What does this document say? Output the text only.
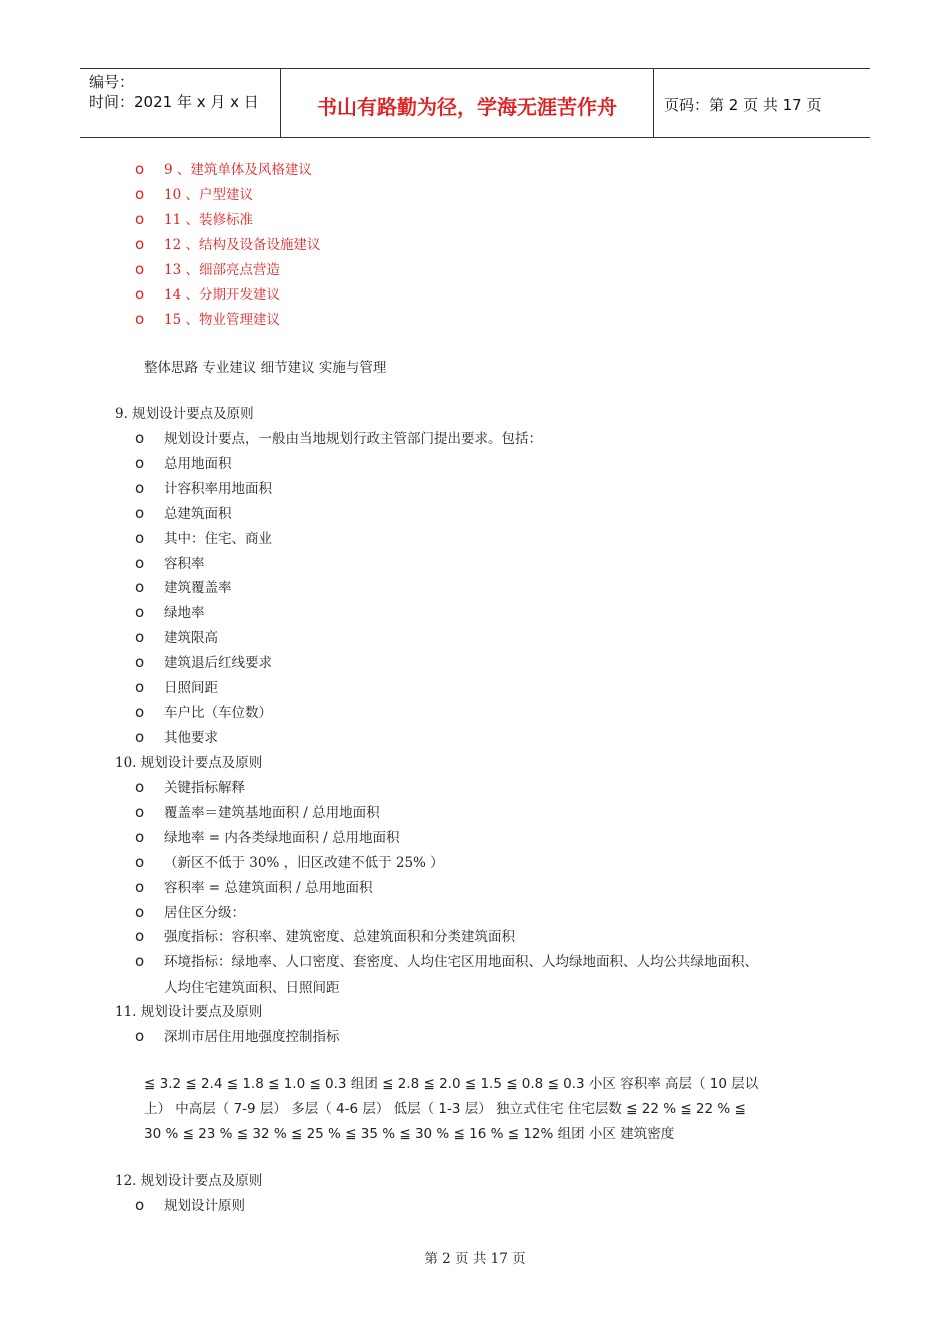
编号：
时间：2021 年 x 月 x 日	书山有路勤为径，学海无涯苦作舟	页码：第 2 页 共 17 页
o 9 、建筑单体及风格建议
o 10 、户型建议
o 11 、装修标准
o 12 、结构及设备设施建议
o 13 、细部亮点营造
o 14 、分期开发建议
o 15 、物业管理建议
整体思路 专业建议 细节建议 实施与管理
9. 规划设计要点及原则
o 规划设计要点，一般由当地规划行政主管部门提出要求。包括：
o 总用地面积
o 计容积率用地面积
o 总建筑面积
o 其中：住宅、商业
o 容积率
o 建筑覆盖率
o 绿地率
o 建筑限高
o 建筑退后红线要求
o 日照间距
o 车户比（车位数）
o 其他要求
10. 规划设计要点及原则
o 关键指标解释
o 覆盖率＝建筑基地面积 / 总用地面积
o 绿地率 = 内各类绿地面积 / 总用地面积
o （新区不低于 30% ，旧区改建不低于 25% ）
o 容积率 = 总建筑面积 / 总用地面积
o 居住区分级：
o 强度指标：容积率、建筑密度、总建筑面积和分类建筑面积
o 环境指标：绿地率、人口密度、套密度、人均住宅区用地面积、人均绿地面积、人均公共绿地面积、
人均住宅建筑面积、日照间距
11. 规划设计要点及原则
o 深圳市居住用地强度控制指标
≦ 3.2 ≦ 2.4 ≦ 1.8 ≦ 1.0 ≦ 0.3 组团 ≦ 2.8 ≦ 2.0 ≦ 1.5 ≦ 0.8 ≦ 0.3 小区 容积率 高层（ 10 层以
上） 中高层（ 7-9 层） 多层（ 4-6 层） 低层（ 1-3 层） 独立式住宅 住宅层数 ≦ 22 % ≦ 22 % ≦
30 % ≦ 23 % ≦ 32 % ≦ 25 % ≦ 35 % ≦ 30 % ≦ 16 % ≦ 12% 组团 小区 建筑密度
12. 规划设计要点及原则
o 规划设计原则
第 2 页 共 17 页
